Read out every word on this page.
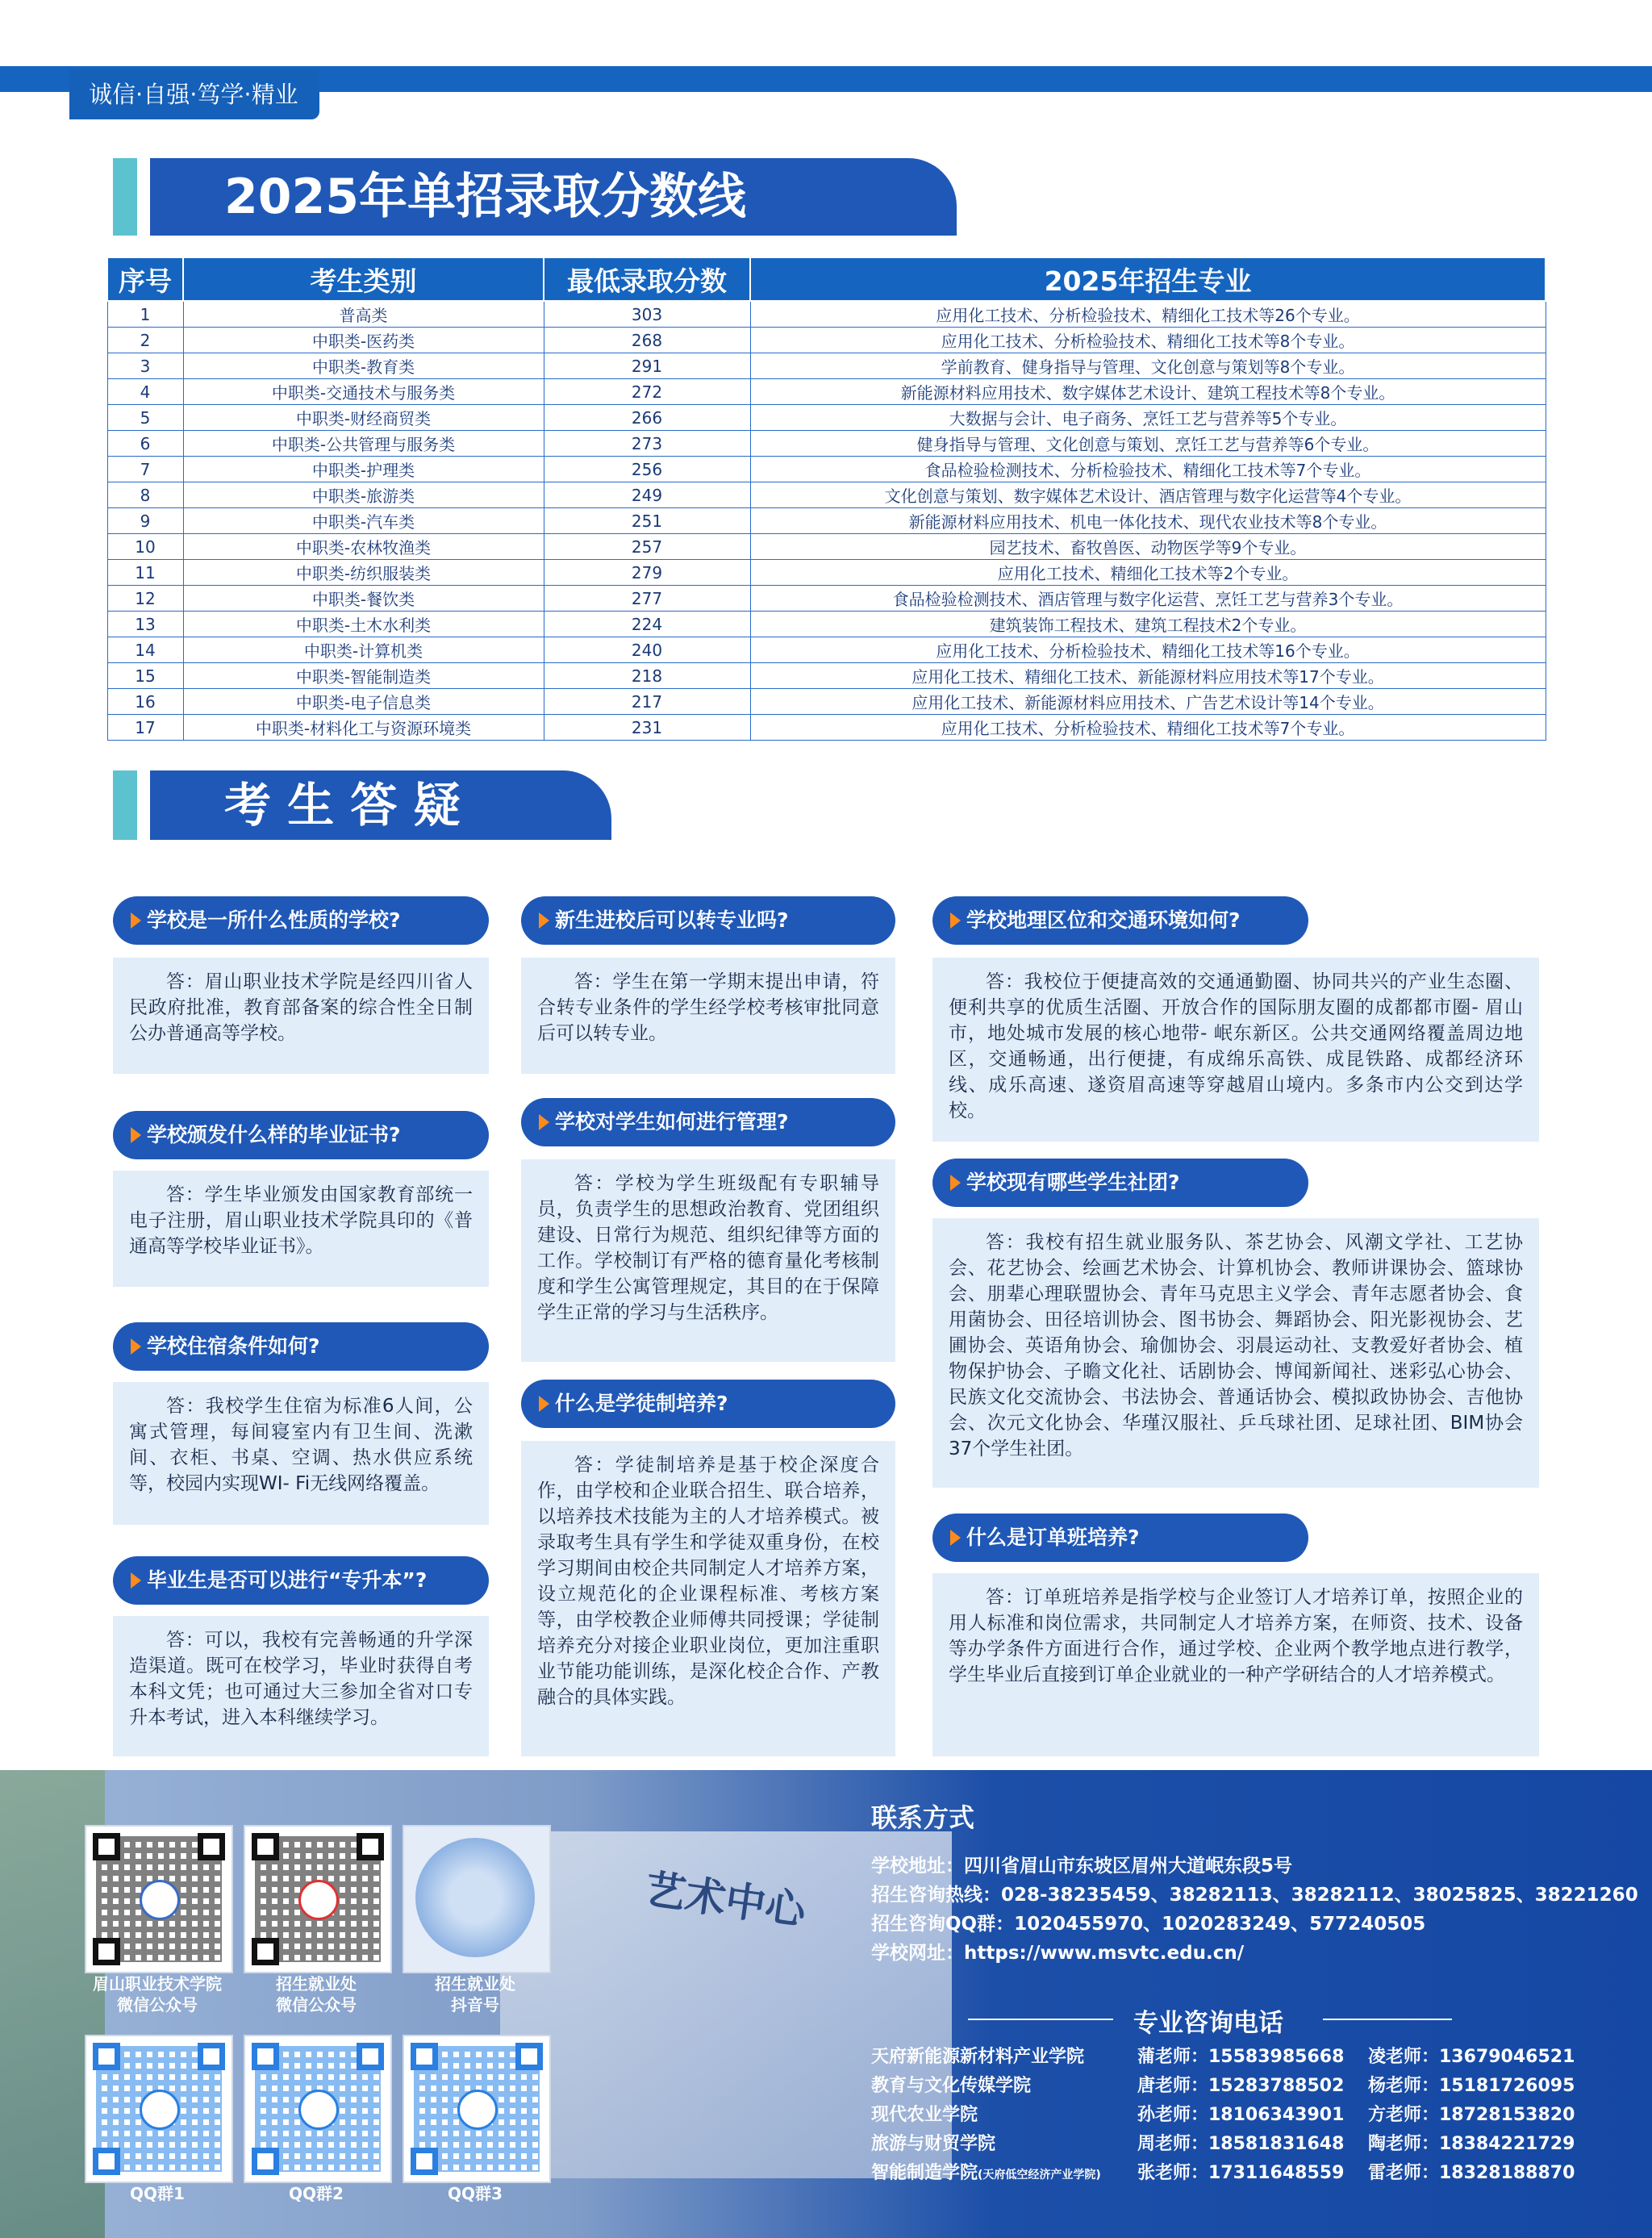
诚信·自强·笃学·精业
2025年单招录取分数线
序号	考生类别	最低录取分数	2025年招生专业
1	普高类	303	应用化工技术、分析检验技术、精细化工技术等26个专业。
2	中职类-医药类	268	应用化工技术、分析检验技术、精细化工技术等8个专业。
3	中职类-教育类	291	学前教育、健身指导与管理、文化创意与策划等8个专业。
4	中职类-交通技术与服务类	272	新能源材料应用技术、数字媒体艺术设计、建筑工程技术等8个专业。
5	中职类-财经商贸类	266	大数据与会计、电子商务、烹饪工艺与营养等5个专业。
6	中职类-公共管理与服务类	273	健身指导与管理、文化创意与策划、烹饪工艺与营养等6个专业。
7	中职类-护理类	256	食品检验检测技术、分析检验技术、精细化工技术等7个专业。
8	中职类-旅游类	249	文化创意与策划、数字媒体艺术设计、酒店管理与数字化运营等4个专业。
9	中职类-汽车类	251	新能源材料应用技术、机电一体化技术、现代农业技术等8个专业。
10	中职类-农林牧渔类	257	园艺技术、畜牧兽医、动物医学等9个专业。
11	中职类-纺织服装类	279	应用化工技术、精细化工技术等2个专业。
12	中职类-餐饮类	277	食品检验检测技术、酒店管理与数字化运营、烹饪工艺与营养3个专业。
13	中职类-土木水利类	224	建筑装饰工程技术、建筑工程技术2个专业。
14	中职类-计算机类	240	应用化工技术、分析检验技术、精细化工技术等16个专业。
15	中职类-智能制造类	218	应用化工技术、精细化工技术、新能源材料应用技术等17个专业。
16	中职类-电子信息类	217	应用化工技术、新能源材料应用技术、广告艺术设计等14个专业。
17	中职类-材料化工与资源环境类	231	应用化工技术、分析检验技术、精细化工技术等7个专业。
考 生 答 疑
学校是一所什么性质的学校?
答：眉山职业技术学院是经四川省人民政府批准，教育部备案的综合性全日制公办普通高等学校。
学校颁发什么样的毕业证书?
答：学生毕业颁发由国家教育部统一电子注册，眉山职业技术学院具印的《普通高等学校毕业证书》。
学校住宿条件如何?
答：我校学生住宿为标准6人间，公寓式管理，每间寝室内有卫生间、洗漱间、衣柜、书桌、空调、热水供应系统等，校园内实现WI- Fi无线网络覆盖。
毕业生是否可以进行“专升本”?
答：可以，我校有完善畅通的升学深造渠道。既可在校学习，毕业时获得自考本科文凭；也可通过大三参加全省对口专升本考试，进入本科继续学习。
新生进校后可以转专业吗?
答：学生在第一学期末提出申请，符合转专业条件的学生经学校考核审批同意后可以转专业。
学校对学生如何进行管理?
答：学校为学生班级配有专职辅导员，负责学生的思想政治教育、党团组织建设、日常行为规范、组织纪律等方面的工作。学校制订有严格的德育量化考核制度和学生公寓管理规定，其目的在于保障学生正常的学习与生活秩序。
什么是学徒制培养?
答：学徒制培养是基于校企深度合作，由学校和企业联合招生、联合培养，以培养技术技能为主的人才培养模式。被录取考生具有学生和学徒双重身份，在校学习期间由校企共同制定人才培养方案，设立规范化的企业课程标准、考核方案等，由学校教企业师傅共同授课；学徒制培养充分对接企业职业岗位，更加注重职业节能功能训练，是深化校企合作、产教融合的具体实践。
学校地理区位和交通环境如何?
答：我校位于便捷高效的交通通勤圈、协同共兴的产业生态圈、便利共享的优质生活圈、开放合作的国际朋友圈的成都都市圈- 眉山市，地处城市发展的核心地带- 岷东新区。公共交通网络覆盖周边地区，交通畅通，出行便捷，有成绵乐高铁、成昆铁路、成都经济环线、成乐高速、遂资眉高速等穿越眉山境内。多条市内公交到达学校。
学校现有哪些学生社团?
答：我校有招生就业服务队、茶艺协会、风潮文学社、工艺协会、花艺协会、绘画艺术协会、计算机协会、教师讲课协会、篮球协会、朋辈心理联盟协会、青年马克思主义学会、青年志愿者协会、食用菌协会、田径培训协会、图书协会、舞蹈协会、阳光影视协会、艺圃协会、英语角协会、瑜伽协会、羽晨运动社、支教爱好者协会、植物保护协会、子瞻文化社、话剧协会、博闻新闻社、迷彩弘心协会、民族文化交流协会、书法协会、普通话协会、模拟政协协会、吉他协会、次元文化协会、华瑾汉服社、乒乓球社团、足球社团、BIM协会37个学生社团。
什么是订单班培养?
答：订单班培养是指学校与企业签订人才培养订单，按照企业的用人标准和岗位需求，共同制定人才培养方案，在师资、技术、设备等办学条件方面进行合作，通过学校、企业两个教学地点进行教学，学生毕业后直接到订单企业就业的一种产学研结合的人才培养模式。
艺术中心
眉山职业技术学院
微信公众号
招生就业处
微信公众号
招生就业处
抖音号
QQ群1	QQ群2	QQ群3
联系方式
学校地址：四川省眉山市东坡区眉州大道岷东段5号
招生咨询热线：028-38235459、38282113、38282112、38025825、38221260
招生咨询QQ群：1020455970、1020283249、577240505
学校网址：https://www.msvtc.edu.cn/
专业咨询电话
天府新能源新材料产业学院	蒲老师：15583985668 凌老师：13679046521
教育与文化传媒学院	唐老师：15283788502 杨老师：15181726095
现代农业学院	孙老师：18106343901 方老师：18728153820
旅游与财贸学院	周老师：18581831648 陶老师：18384221729
智能制造学院(天府低空经济产业学院) 张老师：17311648559 雷老师：18328188870
